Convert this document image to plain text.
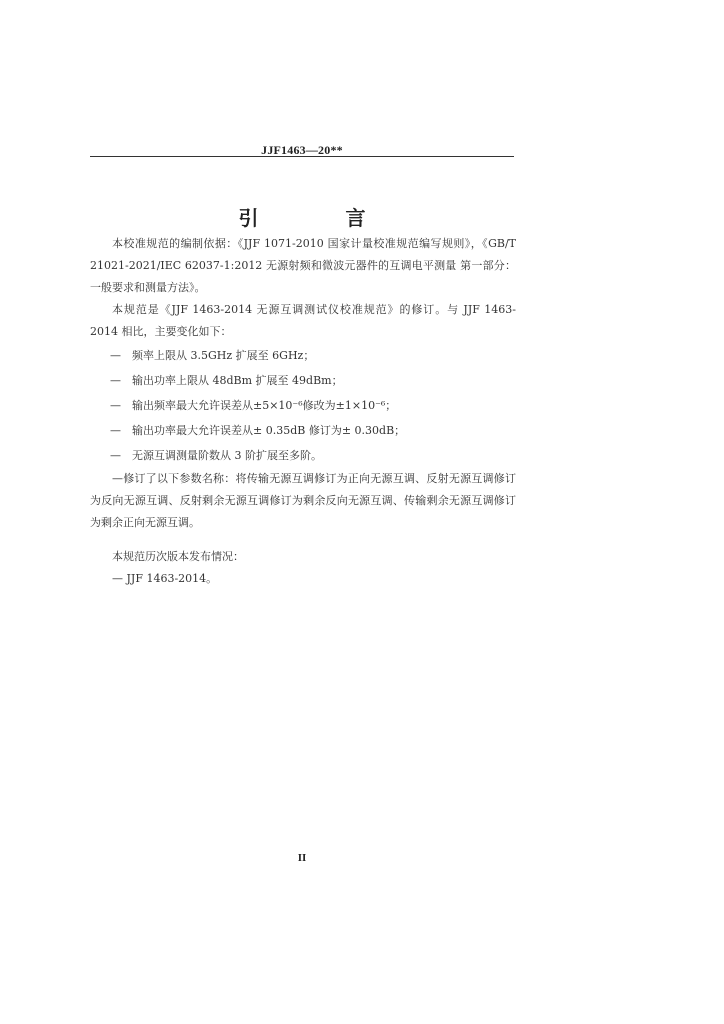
JJF1463—20**
引 言

本校准规范的编制依据：《JJF 1071-2010 国家计量校准规范编写规则》，《GB/T 21021-2021/IEC 62037-1:2012 无源射频和微波元器件的互调电平测量 第一部分：一般要求和测量方法》。

本规范是《JJF 1463-2014 无源互调测试仪校准规范》的修订。与 JJF 1463-2014 相比，主要变化如下：

— 频率上限从 3.5GHz 扩展至 6GHz；

— 输出功率上限从 48dBm 扩展至 49dBm；

— 输出频率最大允许误差从±5×10⁻⁶修改为±1×10⁻⁶；

— 输出功率最大允许误差从± 0.35dB 修订为± 0.30dB；

— 无源互调测量阶数从 3 阶扩展至多阶。

—修订了以下参数名称：将传输无源互调修订为正向无源互调、反射无源互调修订为反向无源互调、反射剩余无源互调修订为剩余反向无源互调、传输剩余无源互调修订为剩余正向无源互调。

本规范历次版本发布情况：

— JJF 1463-2014。

II
